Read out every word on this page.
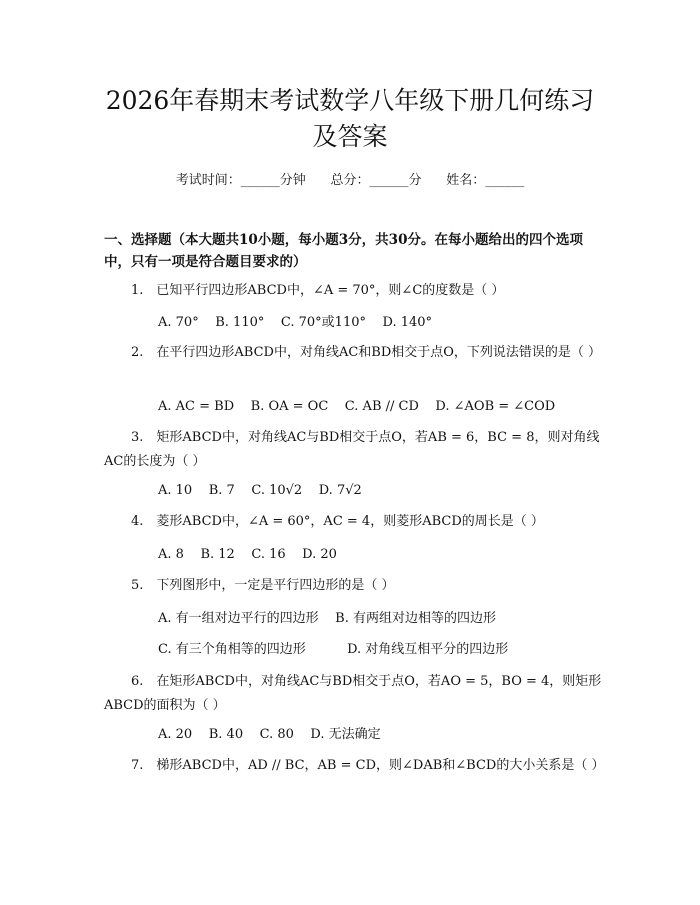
2026年春期末考试数学八年级下册几何练习
及答案
考试时间：______分钟      总分：______分      姓名：______
一、选择题（本大题共10小题，每小题3分，共30分。在每小题给出的四个选项中，只有一项是符合题目要求的）
1.　已知平行四边形ABCD中，∠A = 70°，则∠C的度数是（ ）
A. 70°    B. 110°    C. 70°或110°    D. 140°
2.　在平行四边形ABCD中，对角线AC和BD相交于点O，下列说法错误的是（ ）
A. AC = BD    B. OA = OC    C. AB // CD    D. ∠AOB = ∠COD
3.　矩形ABCD中，对角线AC与BD相交于点O，若AB = 6，BC = 8，则对角线AC的长度为（ ）
A. 10    B. 7    C. 10√2    D. 7√2
4.　菱形ABCD中，∠A = 60°，AC = 4，则菱形ABCD的周长是（ ）
A. 8    B. 12    C. 16    D. 20
5.　下列图形中，一定是平行四边形的是（ ）
A. 有一组对边平行的四边形    B. 有两组对边相等的四边形
C. 有三个角相等的四边形          D. 对角线互相平分的四边形
6.　在矩形ABCD中，对角线AC与BD相交于点O，若AO = 5，BO = 4，则矩形ABCD的面积为（ ）
A. 20    B. 40    C. 80    D. 无法确定
7.　梯形ABCD中，AD // BC，AB = CD，则∠DAB和∠BCD的大小关系是（ ）
